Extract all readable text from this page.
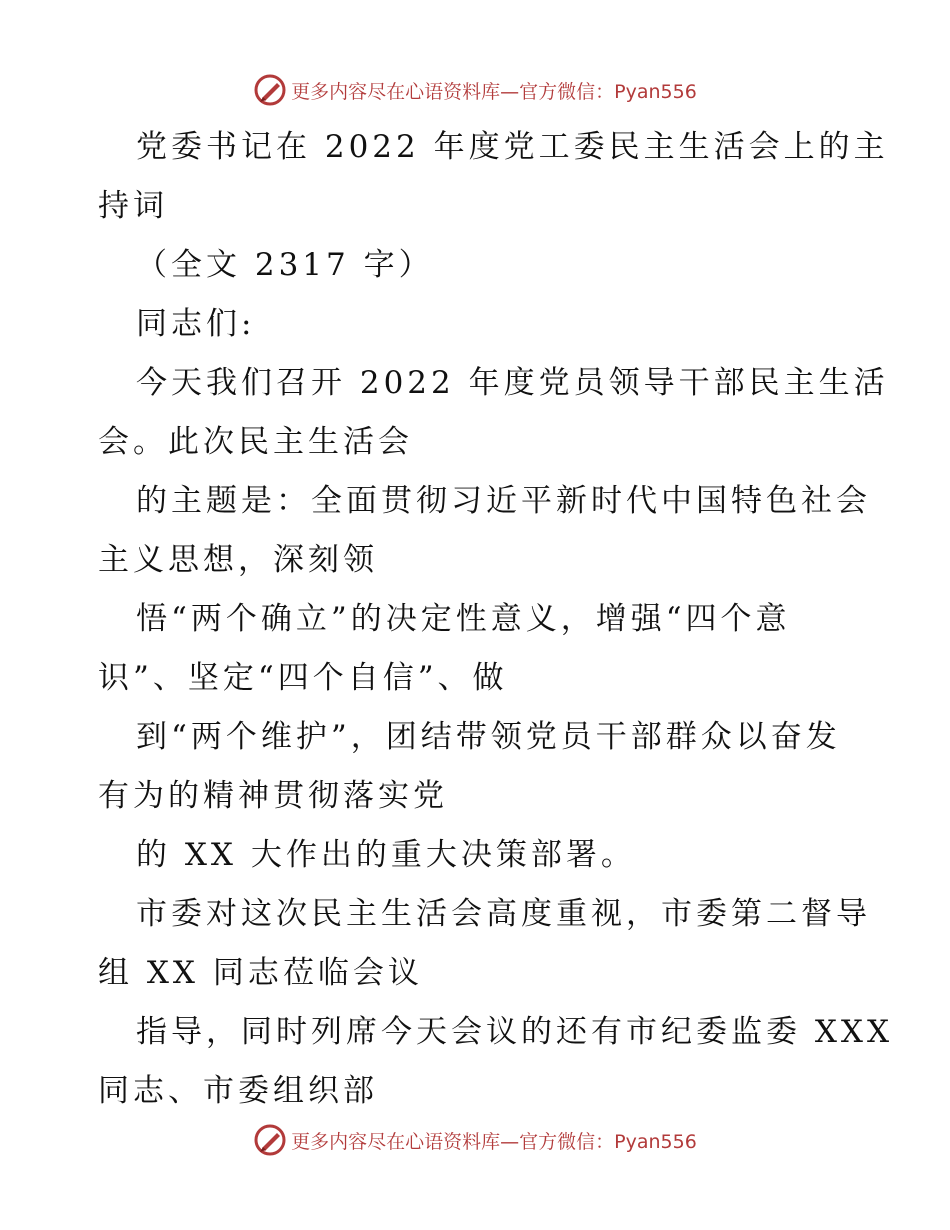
更多内容尽在心语资料库—官方微信：Pyan556
党委书记在 2022 年度党工委民主生活会上的主
持词
（全文 2317 字）
同志们:
今天我们召开 2022 年度党员领导干部民主生活
会。此次民主生活会
的主题是：全面贯彻习近平新时代中国特色社会
主义思想，深刻领
悟“两个确立”的决定性意义，增强“四个意
识”、坚定“四个自信”、做
到“两个维护”，团结带领党员干部群众以奋发
有为的精神贯彻落实党
的 XX 大作出的重大决策部署。
市委对这次民主生活会高度重视，市委第二督导
组 XX 同志莅临会议
指导，同时列席今天会议的还有市纪委监委 XXX
同志、市委组织部
更多内容尽在心语资料库—官方微信：Pyan556
